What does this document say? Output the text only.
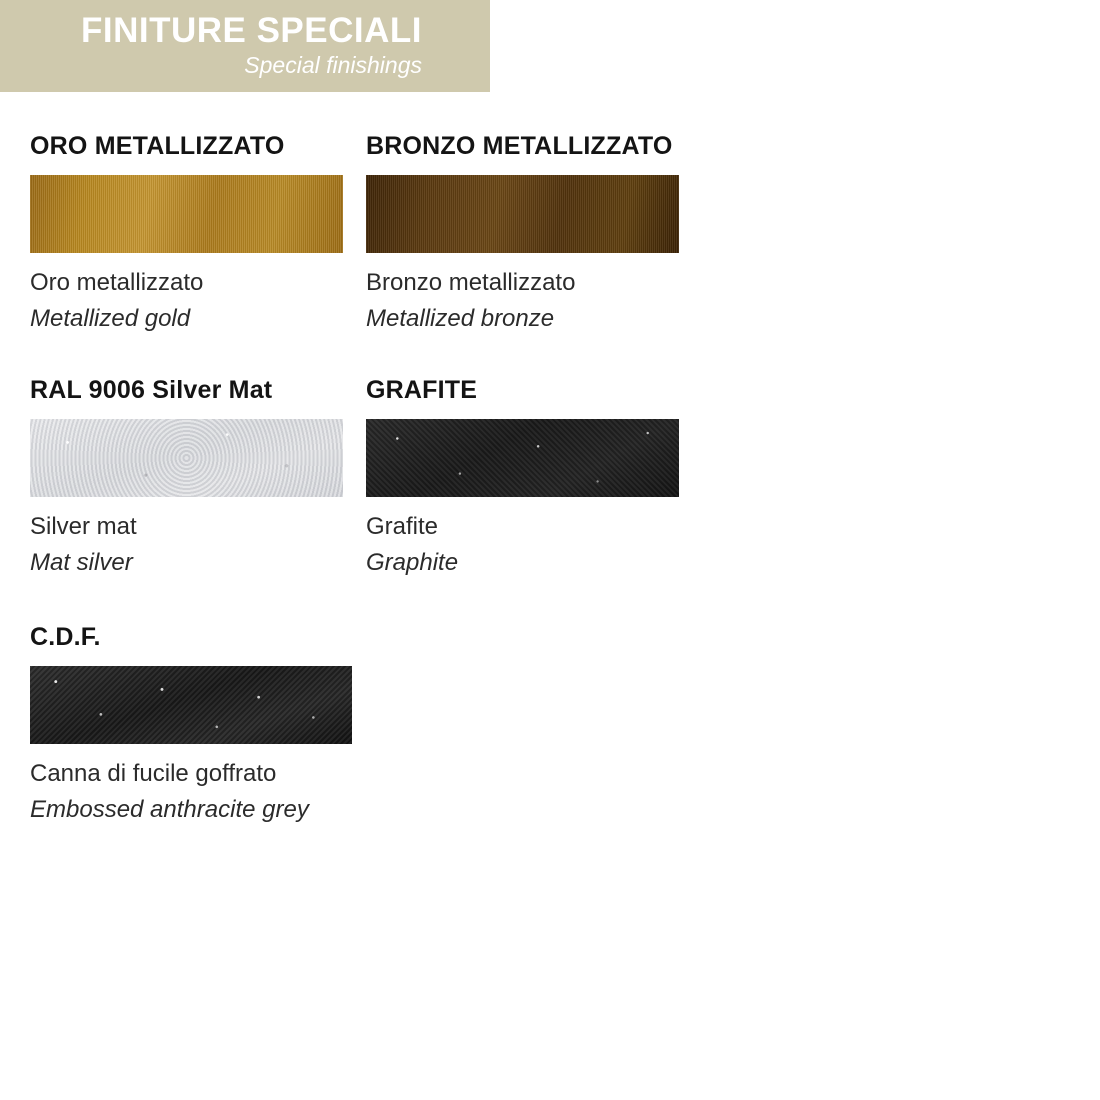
FINITURE SPECIALI
Special finishings
ORO METALLIZZATO
Oro metallizzato
Metallized gold
BRONZO METALLIZZATO
Bronzo metallizzato
Metallized bronze
RAL 9006 Silver Mat
Silver mat
Mat silver
GRAFITE
Grafite
Graphite
C.D.F.
Canna di fucile goffrato
Embossed anthracite grey
